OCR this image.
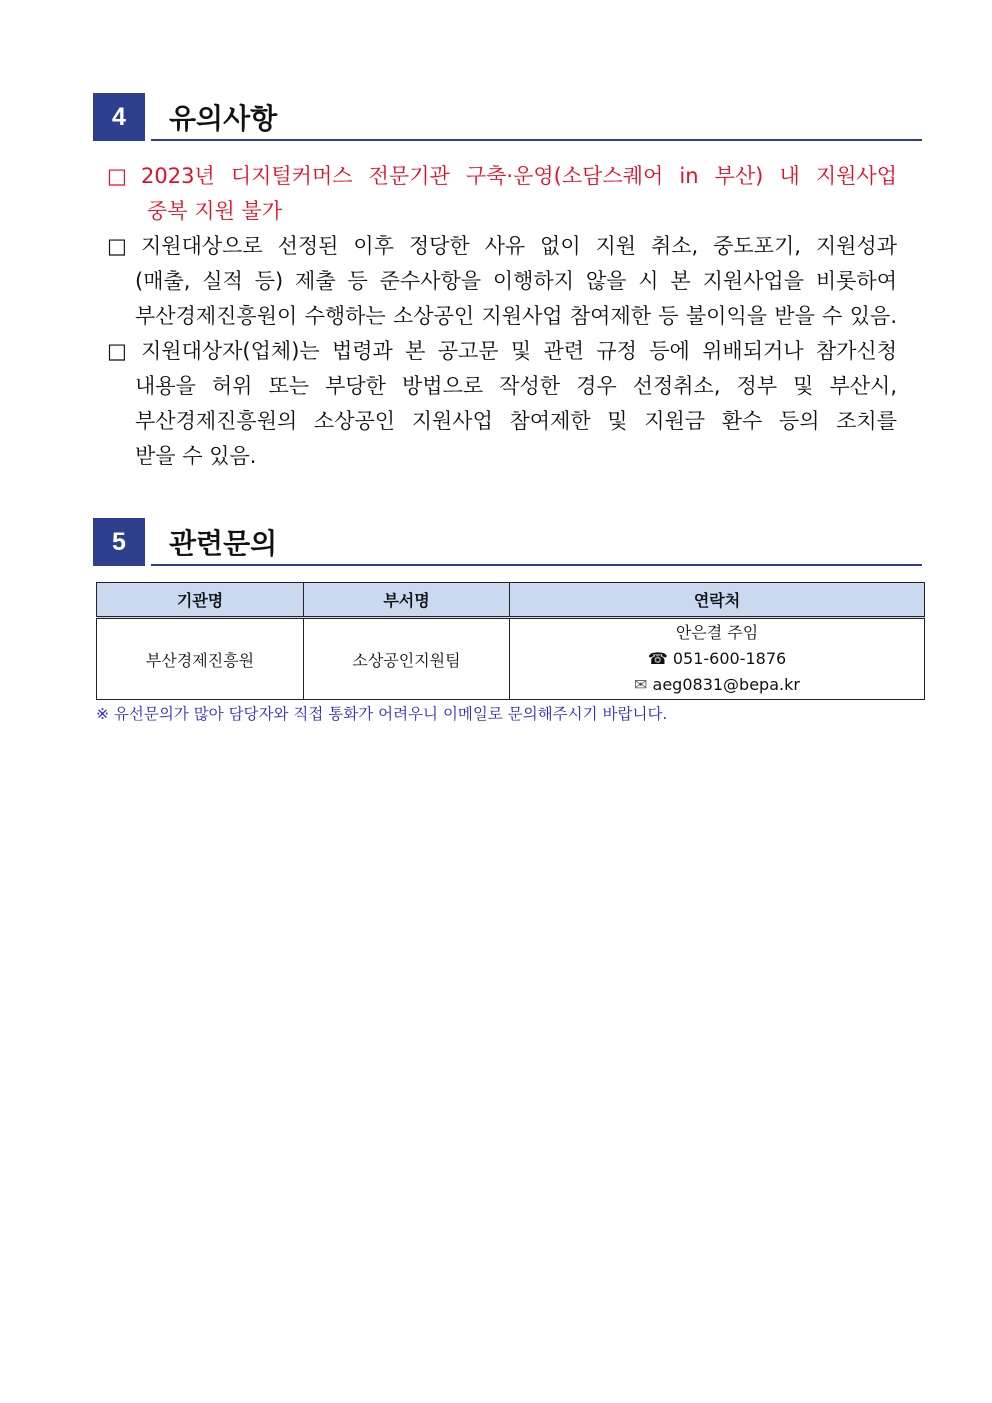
4	유의사항
□ 2023년 디지털커머스 전문기관 구축·운영(소담스퀘어 in 부산) 내 지원사업
중복 지원 불가
□ 지원대상으로 선정된 이후 정당한 사유 없이 지원 취소, 중도포기, 지원성과
(매출, 실적 등) 제출 등 준수사항을 이행하지 않을 시 본 지원사업을 비롯하여
부산경제진흥원이 수행하는 소상공인 지원사업 참여제한 등 불이익을 받을 수 있음.
□ 지원대상자(업체)는 법령과 본 공고문 및 관련 규정 등에 위배되거나 참가신청
내용을 허위 또는 부당한 방법으로 작성한 경우 선정취소, 정부 및 부산시,
부산경제진흥원의 소상공인 지원사업 참여제한 및 지원금 환수 등의 조치를
받을 수 있음.
5	관련문의
기관명	부서명	연락처
부산경제진흥원	소상공인지원팀	안은결 주임
☎ 051-600-1876
✉ aeg0831@bepa.kr
※ 유선문의가 많아 담당자와 직접 통화가 어려우니 이메일로 문의해주시기 바랍니다.
